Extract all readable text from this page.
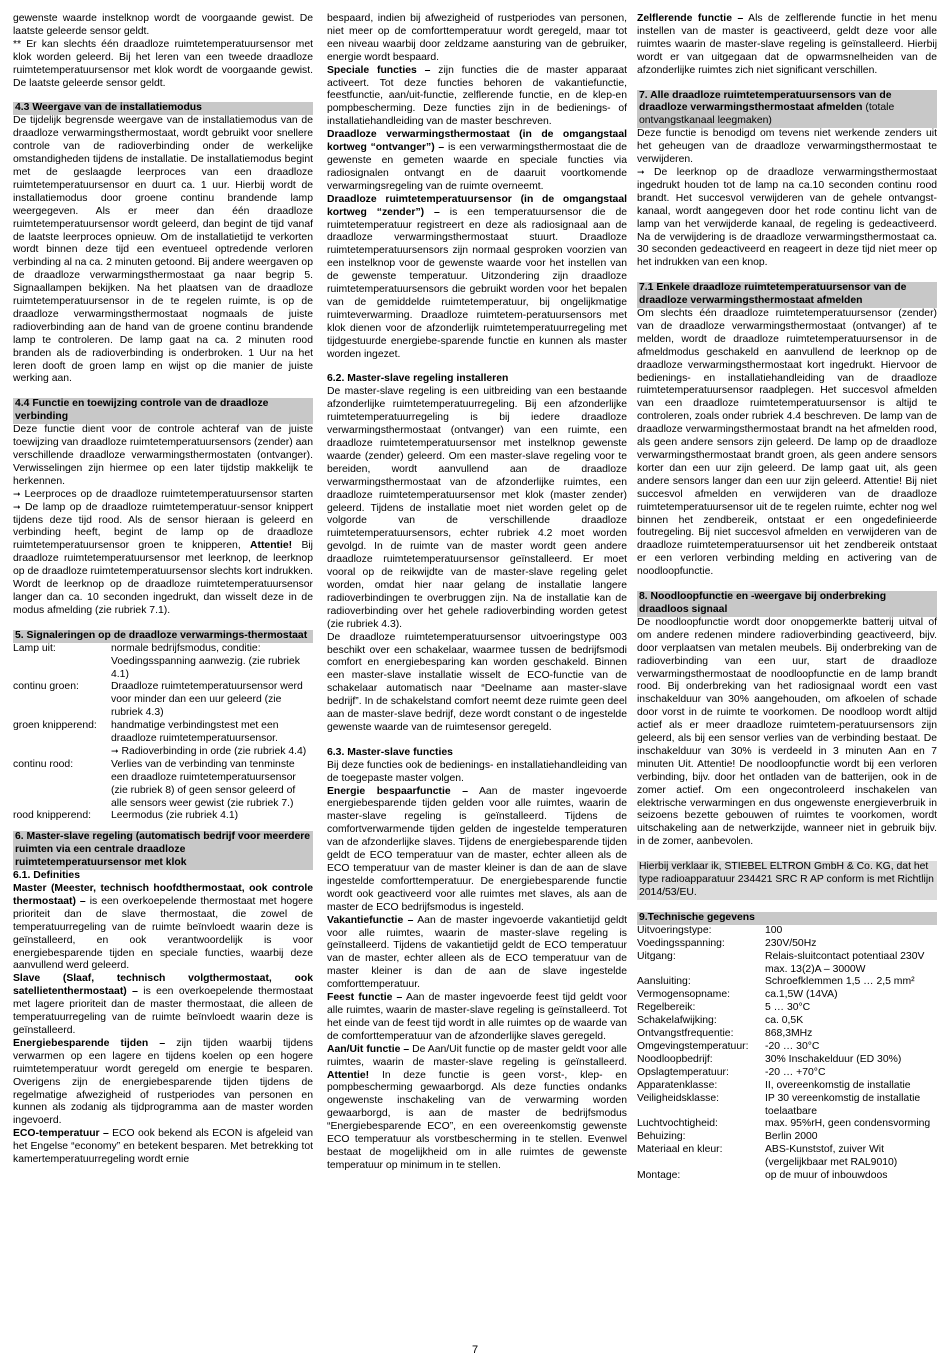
gewenste waarde instelknop wordt de voorgaande gewist. De laatste geleerde sensor geldt.

** Er kan slechts één draadloze ruimtetemperatuursensor met klok worden geleerd. Bij het leren van een tweede draadloze ruimtetemperatuursensor met klok wordt de voorgaande gewist. De laatste geleerde sensor geldt.

4.3 Weergave van de installatiemodus

De tijdelijk begrensde weergave van de installatiemodus van de draadloze verwarmingsthermostaat, wordt gebruikt voor snellere controle van de radioverbinding onder de werkelijke omstandigheden tijdens de installatie. De installatiemodus begint met de geslaagde leerproces van een draadloze ruimtetemperatuursensor en duurt ca. 1 uur. Hierbij wordt de installatiemodus door groene continu brandende lamp weergegeven. Als er meer dan één draadloze ruimtetemperatuursensor wordt geleerd, dan begint de tijd vanaf de laatste leerproces opnieuw. Om de installatietijd te verkorten wordt binnen deze tijd een eventueel optredende verloren verbinding al na ca. 2 minuten getoond. Bij andere weergaven op de draadloze verwarmingsthermostaat ga naar begrip 5. Signaallampen bekijken. Na het plaatsen van de draadloze ruimtetemperatuursensor in de te regelen ruimte, is op de draadloze verwarmingsthermostaat nogmaals de juiste radioverbinding aan de hand van de groene continu brandende lamp te controleren. De lamp gaat na ca. 2 minuten rood branden als de radioverbinding is onderbroken. 1 Uur na het leren dooft de groen lamp en wijst op die manier de juiste werking aan.

4.4 Functie en toewijzing controle van de draadloze verbinding

Deze functie dient voor de controle achteraf van de juiste toewijzing van draadloze ruimtetemperatuursensors (zender) aan verschillende draadloze verwarmingsthermostaten (ontvanger). Verwisselingen zijn hiermee op een later tijdstip makkelijk te herkennen.

➞ Leerproces op de draadloze ruimtetemperatuursensor starten ➞ De lamp op de draadloze ruimtetemperatuur-sensor knippert tijdens deze tijd rood. Als de sensor hieraan is geleerd en verbinding heeft, begint de lamp op de draadloze ruimtetemperatuursensor groen te knipperen, Attentie! Bij draadloze ruimtetemperatuursensor met leerknop, de leerknop op de draadloze ruimtetemperatuursensor slechts kort indrukken. Wordt de leerknop op de draadloze ruimtetemperatuursensor langer dan ca. 10 seconden ingedrukt, dan wisselt deze in de modus afmelding (zie rubriek 7.1).

5. Signaleringen op de draadloze verwarmings-thermostaat
Lamp uit:	normale bedrijfsmodus, conditie: Voedingsspanning aanwezig. (zie rubriek 4.1)
continu groen:	Draadloze ruimtetemperatuursensor werd voor minder dan een uur geleerd (zie rubriek 4.3)
groen knipperend:	handmatige verbindingstest met een draadloze ruimtetemperatuursensor.
➞ Radioverbinding in orde (zie rubriek 4.4)
continu rood:	Verlies van de verbinding van tenminste een draadloze ruimtetemperatuursensor (zie rubriek 8) of geen sensor geleerd of alle sensors weer gewist (zie rubriek 7.)
rood knipperend:	Leermodus (zie rubriek 4.1)
6. Master-slave regeling (automatisch bedrijf voor meerdere ruimten via een centrale draadloze ruimtetemperatuursensor met klok
6.1. Definities

Master (Meester, technisch hoofdthermostaat, ook controle thermostaat) – is een overkoepelende thermostaat met hogere prioriteit dan de slave thermostaat, die zowel de temperatuurregeling van de ruimte beïnvloedt waarin deze is geïnstalleerd, en ook verantwoordelijk is voor energiebesparende tijden en speciale functies, waarbij deze aanvullend werd geleerd.

Slave (Slaaf, technisch volgthermostaat, ook satellietenthermostaat) – is een overkoepelende thermostaat met lagere prioriteit dan de master thermostaat, die alleen de temperatuurregeling van de ruimte beïnvloedt waarin deze is geïnstalleerd.

Energiebesparende tijden – zijn tijden waarbij tijdens verwarmen op een lagere en tijdens koelen op een hogere ruimtetemperatuur wordt geregeld om energie te besparen. Overigens zijn de energiebesparende tijden tijdens de regelmatige afwezigheid of rustperiodes van personen en kunnen als zodanig als tijdprogramma aan de master worden ingevoerd.

ECO-temperatuur – ECO ook bekend als ECON is afgeleid van het Engelse “economy” en betekent besparen. Met betrekking tot kamertemperatuurregeling wordt ernie

bespaard, indien bij afwezigheid of rustperiodes van personen, niet meer op de comforttemperatuur wordt geregeld, maar tot een niveau waarbij door zeldzame aansturing van de gebruiker, energie wordt bespaard.

Speciale functies – zijn functies die de master apparaat activeert. Tot deze functies behoren de vakantiefunctie, feestfunctie, aan/uit-functie, zelflerende functie, en de klep-en pompbescherming. Deze functies zijn in de bedienings- of installatiehandleiding van de master beschreven.

Draadloze verwarmingsthermostaat (in de omgangstaal kortweg “ontvanger”) – is een verwarmingsthermostaat die de gewenste en gemeten waarde en speciale functies via radiosignalen ontvangt en de daaruit voortkomende verwarmingsregeling van de ruimte overneemt.

Draadloze ruimtetemperatuursensor (in de omgangstaal kortweg “zender”) – is een temperatuursensor die de ruimtetemperatuur registreert en deze als radiosignaal aan de draadloze verwarmingsthermostaat stuurt. Draadloze ruimtetemperatuursensors zijn normaal gesproken voorzien van een instelknop voor de gewenste waarde voor het instellen van de gewenste temperatuur. Uitzondering zijn draadloze ruimtetemperatuursensors die gebruikt worden voor het bepalen van de gemiddelde ruimtetemperatuur, bij ongelijkmatige ruimteverwarming. Draadloze ruimtetem-peratuursensors met klok dienen voor de afzonderlijk ruimtetemperatuurregeling met tijdgestuurde energiebe-sparende functie en kunnen als master worden ingezet.

6.2. Master-slave regeling installeren

De master-slave regeling is een uitbreiding van een bestaande afzonderlijke ruimtetemperatuurregeling. Bij een afzonderlijke ruimtetemperatuurregeling is bij iedere draadloze verwarmingsthermostaat (ontvanger) van een ruimte, een draadloze ruimtetemperatuursensor met instelknop gewenste waarde (zender) geleerd. Om een master-slave regeling voor te bereiden, wordt aanvullend aan de draadloze verwarmingsthermostaat van de afzonderlijke ruimtes, een draadloze ruimtetemperatuursensor met klok (master zender) geleerd. Tijdens de installatie moet niet worden gelet op de volgorde van de verschillende draadloze ruimtetemperatuursensors, echter rubriek 4.2 moet worden gevolgd. In de ruimte van de master wordt geen andere draadloze ruimtetemperatuursensor geïnstalleerd. Er moet vooral op de reikwijdte van de master-slave regeling gelet worden, omdat hier naar gelang de installatie langere radioverbindingen te overbruggen zijn. Na de installatie kan de radioverbinding over het gehele radioverbinding worden getest (zie rubriek 4.3).

De draadloze ruimtetemperatuursensor uitvoeringstype 003 beschikt over een schakelaar, waarmee tussen de bedrijfsmodi comfort en energiebesparing kan worden geschakeld. Binnen een master-slave installatie wisselt de ECO-functie van de schakelaar automatisch naar “Deelname aan master-slave bedrijf”. In de schakelstand comfort neemt deze ruimte geen deel aan de master-slave bedrijf, deze wordt constant o de ingestelde gewenste waarde van de ruimtesensor geregeld.

6.3. Master-slave functies

Bij deze functies ook de bedienings- en installatiehandleiding van de toegepaste master volgen.

Energie bespaarfunctie – Aan de master ingevoerde energiebesparende tijden gelden voor alle ruimtes, waarin de master-slave regeling is geïnstalleerd. Tijdens de comfortverwarmende tijden gelden de ingestelde temperaturen van de afzonderlijke slaves. Tijdens de energiebesparende tijden geldt de ECO temperatuur van de master, echter alleen als de ECO temperatuur van de master kleiner is dan de aan de slave ingestelde comforttemperatuur. De energiebesparende functie wordt ook geactiveerd voor alle ruimtes met slaves, als aan de master de ECO bedrijfsmodus is ingesteld.

Vakantiefunctie – Aan de master ingevoerde vakantietijd geldt voor alle ruimtes, waarin de master-slave regeling is geïnstalleerd. Tijdens de vakantietijd geldt de ECO temperatuur van de master, echter alleen als de ECO temperatuur van de master kleiner is dan de aan de slave ingestelde comforttemperatuur.

Feest functie – Aan de master ingevoerde feest tijd geldt voor alle ruimtes, waarin de master-slave regeling is geïnstalleerd. Tot het einde van de feest tijd wordt in alle ruimtes op de waarde van de comforttemperatuur van de afzonderlijke slaves geregeld.

Aan/Uit functie – De Aan/Uit functie op de master geldt voor alle ruimtes, waarin de master-slave regeling is geïnstalleerd. Attentie! In deze functie is geen vorst-, klep- en pompbescherming gewaarborgd. Als deze functies ondanks ongewenste inschakeling van de verwarming worden gewaarborgd, is aan de master de bedrijfsmodus “Energiebesparende ECO”, en een overeenkomstig gewenste ECO temperatuur als vorstbescherming in te stellen. Evenwel bestaat de mogelijkheid om in alle ruimtes de gewenste temperatuur op minimum in te stellen.

Zelflerende functie – Als de zelflerende functie in het menu instellen van de master is geactiveerd, geldt deze voor alle ruimtes waarin de master-slave regeling is geïnstalleerd. Hierbij wordt er van uitgegaan dat de opwarmsnelheiden van de afzonderlijke ruimtes zich niet significant verschillen.

7. Alle draadloze ruimtetemperatuursensors van de draadloze verwarmingsthermostaat afmelden (totale ontvangstkanaal leegmaken)

Deze functie is benodigd om tevens niet werkende zenders uit het geheugen van de draadloze verwarmingsthermostaat te verwijderen.

➞ De leerknop op de draadloze verwarmingsthermostaat ingedrukt houden tot de lamp na ca.10 seconden continu rood brandt. Het succesvol verwijderen van de gehele ontvangst-kanaal, wordt aangegeven door het rode continu licht van de lamp van het verwijderde kanaal, de regeling is gedeactiveerd. Na de verwijdering is de draadloze verwarmingsthermostaat ca. 30 seconden gedeactiveerd en reageert in deze tijd niet meer op het indrukken van een knop.

7.1 Enkele draadloze ruimtetemperatuursensor van de draadloze verwarmingsthermostaat afmelden

Om slechts één draadloze ruimtetemperatuursensor (zender) van de draadloze verwarmingsthermostaat (ontvanger) af te melden, wordt de draadloze ruimtetemperatuursensor in de afmeldmodus geschakeld en aanvullend de leerknop op de draadloze verwarmingsthermostaat kort ingedrukt. Hiervoor de bedienings- en installatiehandleiding van de draadloze ruimtetemperatuursensor raadplegen. Het succesvol afmelden van een draadloze ruimtetemperatuursensor is altijd te controleren, zoals onder rubriek 4.4 beschreven. De lamp van de draadloze verwarmingsthermostaat brandt na het afmelden rood, als geen andere sensors zijn geleerd. De lamp op de draadloze verwarmingsthermostaat brandt groen, als geen andere sensors korter dan een uur zijn geleerd. De lamp gaat uit, als geen andere sensors langer dan een uur zijn geleerd. Attentie! Bij niet succesvol afmelden en verwijderen van de draadloze ruimtetemperatuursensor uit de te regelen ruimte, echter nog wel binnen het zendbereik, ontstaat er een ongedefinieerde foutregeling. Bij niet succesvol afmelden en verwijderen van de draadloze ruimtetemperatuursensor uit het zendbereik ontstaat er een verloren verbinding melding en activering van de noodloopfunctie.

8. Noodloopfunctie en -weergave bij onderbreking draadloos signaal

De noodloopfunctie wordt door onopgemerkte batterij uitval of om andere redenen mindere radioverbinding geactiveerd, bijv. door verplaatsen van metalen meubels. Bij onderbreking van de radioverbinding van een uur, start de draadloze verwarmingsthermostaat de noodloopfunctie en de lamp brandt rood. Bij onderbreking van het radiosignaal wordt een vast inschakelduur van 30% aangehouden, om afkoelen of schade door vorst in de ruimte te voorkomen. De noodloop wordt altijd actief als er meer draadloze ruimtetem-peratuursensors zijn geleerd, als bij een sensor verlies van de verbinding bestaat. De inschakelduur van 30% is verdeeld in 3 minuten Aan en 7 minuten Uit. Attentie! De noodloopfunctie wordt bij een verloren verbinding, bijv. door het ontladen van de batterijen, ook in de zomer actief. Om een ongecontroleerd inschakelen van elektrische verwarmingen en dus ongewenste energieverbruik in seizoens bezette gebouwen of ruimtes te voorkomen, wordt uitschakeling aan de netwerkzijde, wanneer niet in gebruik bijv. in de zomer, aanbevolen.

Hierbij verklaar ik, STIEBEL ELTRON GmbH & Co. KG, dat het type radioapparatuur 234421 SRC R AP conform is met Richtlijn 2014/53/EU.
9.Technische gegevens
Uitvoeringstype:	100
Voedingsspanning:	230V/50Hz
Uitgang:	Relais-sluitcontact potentiaal 230V max. 13(2)A – 3000W
Aansluiting:	Schroefklemmen 1,5 … 2,5 mm²
Vermogensopname:	ca.1,5W (14VA)
Regelbereik:	5 … 30°C
Schakelafwijking:	ca. 0,5K
Ontvangstfrequentie:	868,3MHz
Omgevingstemperatuur:	-20 … 30°C
Noodloopbedrijf:	30% Inschakelduur (ED 30%)
Opslagtemperatuur:	-20 … +70°C
Apparatenklasse:	II, overeenkomstig de installatie
Veiligheidsklasse:	IP 30 vereenkomstig de installatie toelaatbare
Luchtvochtigheid:	max. 95%rH, geen condensvorming
Behuizing:	Berlin 2000
Materiaal en kleur:	ABS-Kunststof, zuiver Wit (vergelijkbaar met RAL9010)
Montage:	op de muur of inbouwdoos
7
